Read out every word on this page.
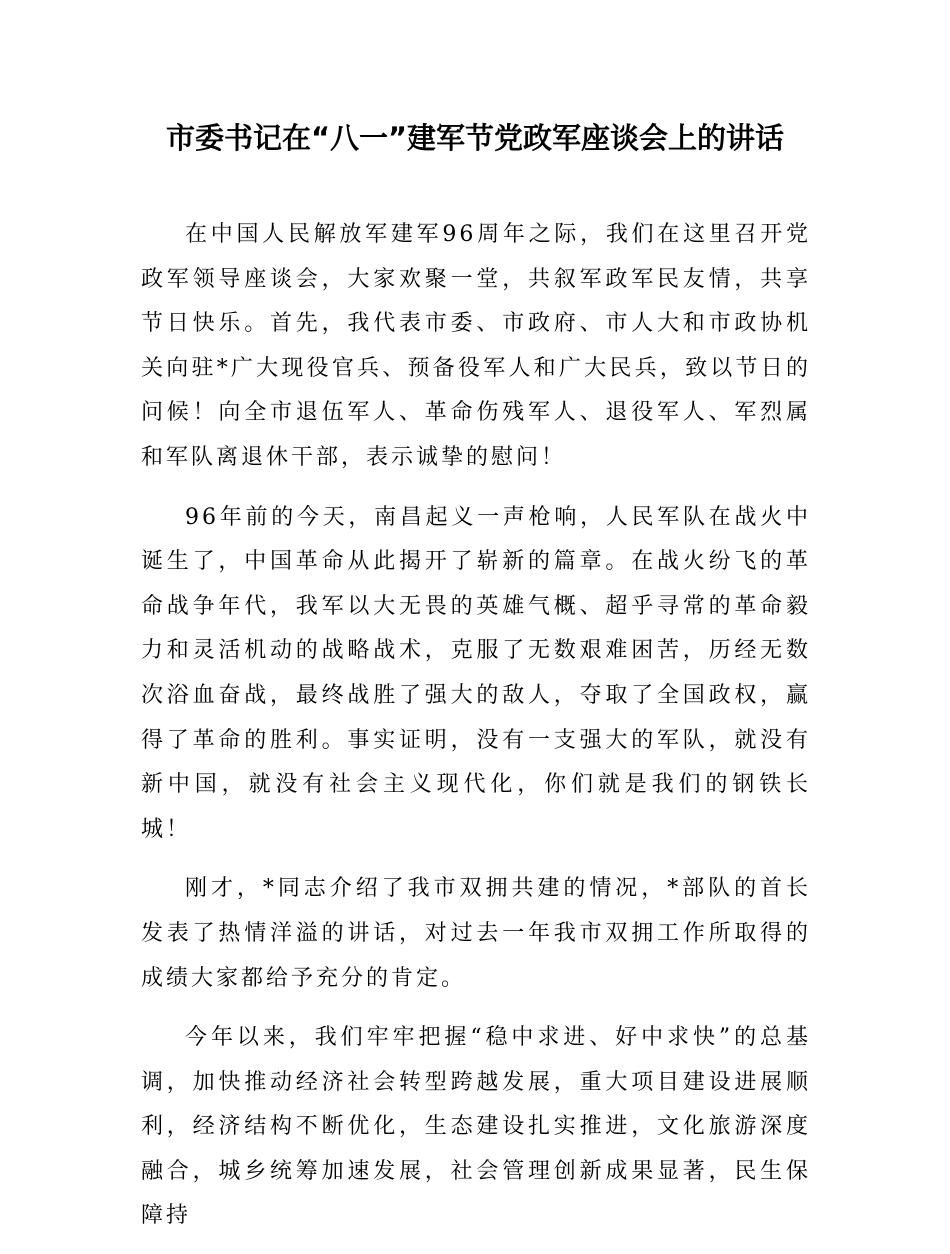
市委书记在“八一”建军节党政军座谈会上的讲话

在中国人民解放军建军96周年之际，我们在这里召开党政军领导座谈会，大家欢聚一堂，共叙军政军民友情，共享节日快乐。首先，我代表市委、市政府、市人大和市政协机关向驻*广大现役官兵、预备役军人和广大民兵，致以节日的问候！向全市退伍军人、革命伤残军人、退役军人、军烈属和军队离退休干部，表示诚挚的慰问！

96年前的今天，南昌起义一声枪响，人民军队在战火中诞生了，中国革命从此揭开了崭新的篇章。在战火纷飞的革命战争年代，我军以大无畏的英雄气概、超乎寻常的革命毅力和灵活机动的战略战术，克服了无数艰难困苦，历经无数次浴血奋战，最终战胜了强大的敌人，夺取了全国政权，赢得了革命的胜利。事实证明，没有一支强大的军队，就没有新中国，就没有社会主义现代化，你们就是我们的钢铁长城！

刚才，*同志介绍了我市双拥共建的情况，*部队的首长发表了热情洋溢的讲话，对过去一年我市双拥工作所取得的成绩大家都给予充分的肯定。

今年以来，我们牢牢把握“稳中求进、好中求快”的总基调，加快推动经济社会转型跨越发展，重大项目建设进展顺利，经济结构不断优化，生态建设扎实推进，文化旅游深度融合，城乡统筹加速发展，社会管理创新成果显著，民生保障持
